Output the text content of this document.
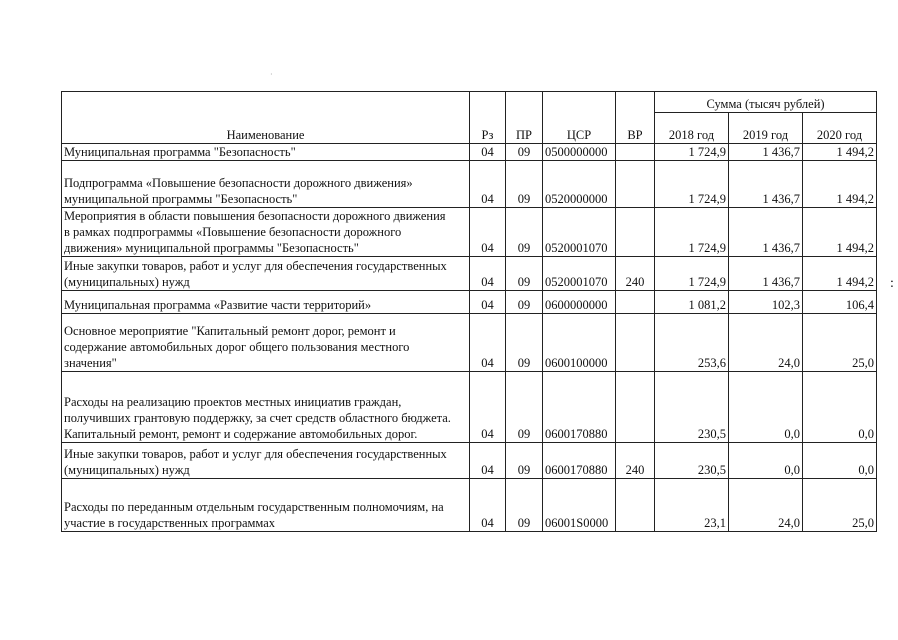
·
Наименование	Рз	ПР	ЦСР	ВР	Сумма (тысяч рублей)		
					2018 год	2019 год	2020 год

Муниципальная программа "Безопасность"	04	09	0500000000		1 724,9	1 436,7	1 494,2

Подпрограмма «Повышение безопасности дорожного движения»
муниципальной программы "Безопасность"	04	09	0520000000		1 724,9	1 436,7	1 494,2

Мероприятия в области повышения безопасности дорожного движения
в рамках подпрограммы «Повышение безопасности дорожного
движения» муниципальной программы "Безопасность"	04	09	0520001070		1 724,9	1 436,7	1 494,2

Иные закупки товаров, работ и услуг для обеспечения государственных
(муниципальных) нужд	04	09	0520001070	240	1 724,9	1 436,7	1 494,2

Муниципальная программа «Развитие части территорий»	04	09	0600000000		1 081,2	102,3	106,4

Основное мероприятие "Капитальный ремонт дорог, ремонт и
содержание автомобильных дорог общего пользования местного
значения"	04	09	0600100000		253,6	24,0	25,0

Расходы на реализацию проектов местных инициатив граждан,
получивших грантовую поддержку, за счет средств областного бюджета.
Капитальный ремонт, ремонт и содержание автомобильных дорог.	04	09	0600170880		230,5	0,0	0,0

Иные закупки товаров, работ и услуг для обеспечения государственных
(муниципальных) нужд	04	09	0600170880	240	230,5	0,0	0,0

Расходы по переданным отдельным государственным полномочиям, на
участие в государственных программах	04	09	06001S0000		23,1	24,0	25,0
:
